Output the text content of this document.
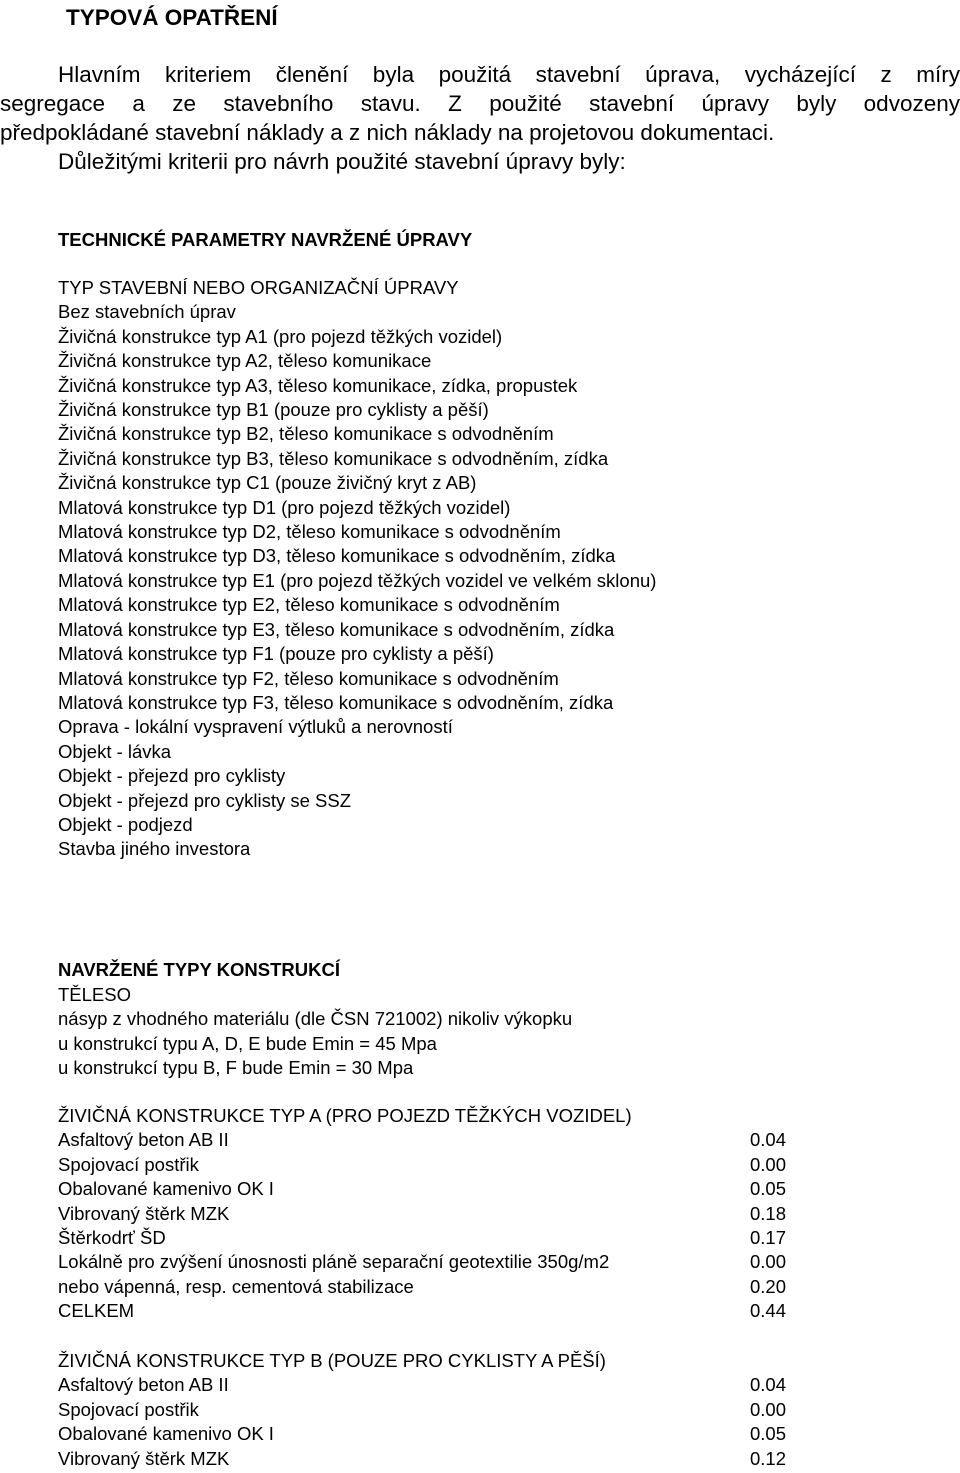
TYPOVÁ OPATŘENÍ
Hlavním kriteriem členění byla použitá stavební úprava, vycházející z míry
segregace a ze stavebního stavu. Z použité stavební úpravy byly odvozeny
předpokládané stavební náklady a z nich náklady na projetovou dokumentaci.
Důležitými kriterii pro návrh použité stavební úpravy byly:
TECHNICKÉ PARAMETRY NAVRŽENÉ ÚPRAVY
TYP STAVEBNÍ NEBO ORGANIZAČNÍ ÚPRAVY
Bez stavebních úprav
Živičná konstrukce typ A1 (pro pojezd těžkých vozidel)
Živičná konstrukce typ A2, těleso komunikace
Živičná konstrukce typ A3, těleso komunikace, zídka, propustek
Živičná konstrukce typ B1 (pouze pro cyklisty a pěší)
Živičná konstrukce typ B2, těleso komunikace s odvodněním
Živičná konstrukce typ B3, těleso komunikace s odvodněním, zídka
Živičná konstrukce typ C1 (pouze živičný kryt z AB)
Mlatová konstrukce typ D1 (pro pojezd těžkých vozidel)
Mlatová konstrukce typ D2, těleso komunikace s odvodněním
Mlatová konstrukce typ D3, těleso komunikace s odvodněním, zídka
Mlatová konstrukce typ E1 (pro pojezd těžkých vozidel ve velkém sklonu)
Mlatová konstrukce typ E2, těleso komunikace s odvodněním
Mlatová konstrukce typ E3, těleso komunikace s odvodněním, zídka
Mlatová konstrukce typ F1 (pouze pro cyklisty a pěší)
Mlatová konstrukce typ F2, těleso komunikace s odvodněním
Mlatová konstrukce typ F3, těleso komunikace s odvodněním, zídka
Oprava - lokální vyspravení výtluků a nerovností
Objekt - lávka
Objekt - přejezd pro cyklisty
Objekt - přejezd pro cyklisty se SSZ
Objekt - podjezd
Stavba jiného investora
NAVRŽENÉ TYPY KONSTRUKCÍ
TĚLESO
násyp z vhodného materiálu (dle ČSN 721002) nikoliv výkopku
u konstrukcí typu A, D, E bude Emin = 45 Mpa
u konstrukcí typu B, F bude Emin = 30 Mpa
ŽIVIČNÁ KONSTRUKCE TYP A (PRO POJEZD TĚŽKÝCH VOZIDEL)
Asfaltový beton AB II	0.04
Spojovací postřik	0.00
Obalované kamenivo OK I	0.05
Vibrovaný štěrk MZK	0.18
Štěrkodrť ŠD	0.17
Lokálně pro zvýšení únosnosti pláně separační geotextilie 350g/m2	0.00
nebo vápenná, resp. cementová stabilizace	0.20
CELKEM	0.44
ŽIVIČNÁ KONSTRUKCE TYP B (POUZE PRO CYKLISTY A PĚŠÍ)
Asfaltový beton AB II	0.04
Spojovací postřik	0.00
Obalované kamenivo OK I	0.05
Vibrovaný štěrk MZK	0.12
